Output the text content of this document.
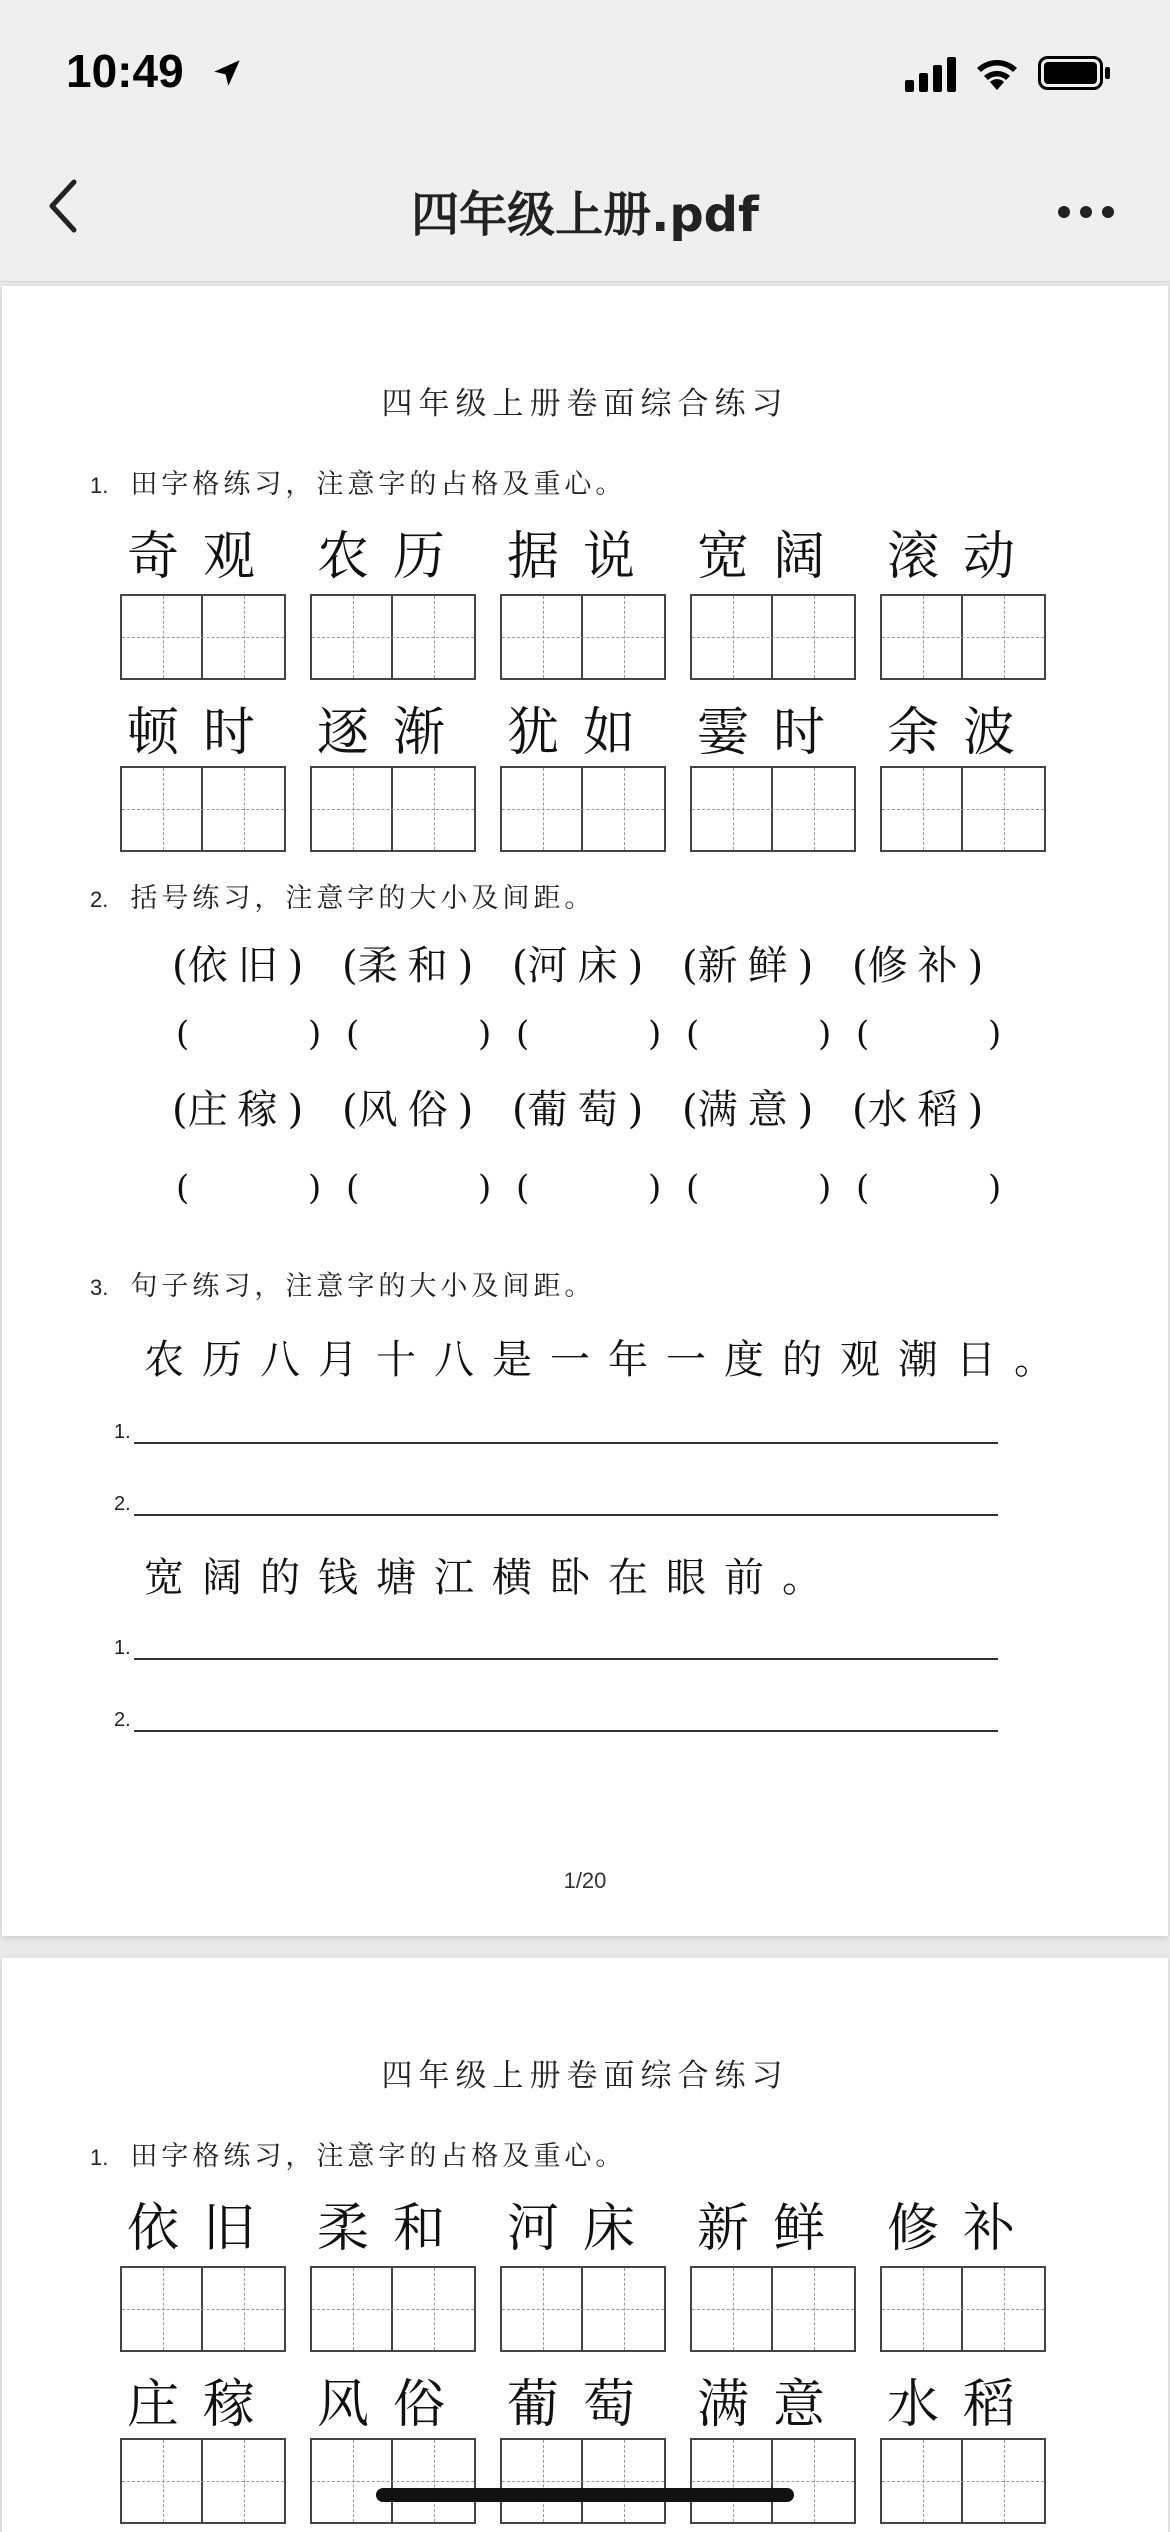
10:49
四年级上册.pdf
四年级上册卷面综合练习
1. 田字格练习，注意字的占格及重心。
奇观 农历 据说 宽阔 滚动
顿时 逐渐 犹如 霎时 余波
2. 括号练习，注意字的大小及间距。
(依旧) (柔和) (河床) (新鲜) (修补)
(	) (	) (	) (	) (	)
(庄稼) (风俗) (葡萄) (满意) (水稻)
(	) (	) (	) (	) (	)
3. 句子练习，注意字的大小及间距。
农历八月十八是一年一度的观潮日。
1.
2.
宽阔的钱塘江横卧在眼前。
1.
2.
1/20
四年级上册卷面综合练习
1. 田字格练习，注意字的占格及重心。
依旧 柔和 河床 新鲜 修补
庄稼 风俗 葡萄 满意 水稻
